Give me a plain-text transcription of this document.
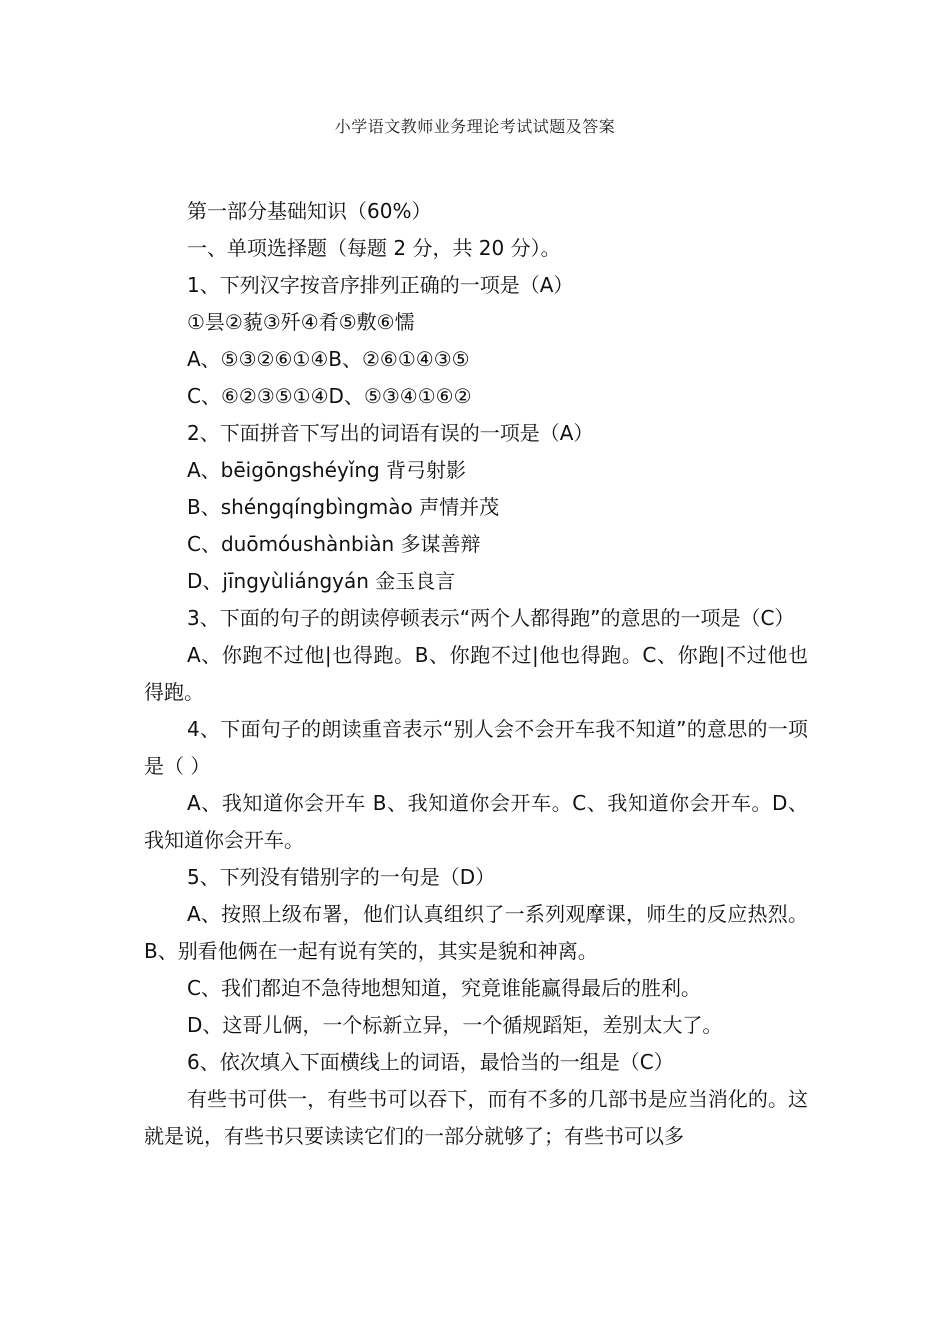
小学语文教师业务理论考试试题及答案

第一部分基础知识（60%）

一、单项选择题（每题 2 分，共 20 分）。

1、下列汉字按音序排列正确的一项是（A）

①昙②藐③歼④肴⑤敷⑥懦

A、⑤③②⑥①④B、②⑥①④③⑤

C、⑥②③⑤①④D、⑤③④①⑥②

2、下面拼音下写出的词语有误的一项是（A）

A、bēigōngshéyǐng 背弓射影

B、shéngqíngbìngmào 声情并茂

C、duōmóushànbiàn 多谋善辩

D、jīngyùliángyán 金玉良言

3、下面的句子的朗读停顿表示“两个人都得跑”的意思的一项是（C）

A、你跑不过他|也得跑。B、你跑不过|他也得跑。C、你跑|不过他也得跑。

4、下面句子的朗读重音表示“别人会不会开车我不知道”的意思的一项是（ ）

A、我知道你会开车 B、我知道你会开车。C、我知道你会开车。D、我知道你会开车。

5、下列没有错别字的一句是（D）

A、按照上级布署，他们认真组织了一系列观摩课，师生的反应热烈。B、别看他俩在一起有说有笑的，其实是貌和神离。

C、我们都迫不急待地想知道，究竟谁能赢得最后的胜利。

D、这哥儿俩，一个标新立异，一个循规蹈矩，差别太大了。

6、依次填入下面横线上的词语，最恰当的一组是（C）

有些书可供一，有些书可以吞下，而有不多的几部书是应当消化的。这就是说，有些书只要读读它们的一部分就够了；有些书可以多
